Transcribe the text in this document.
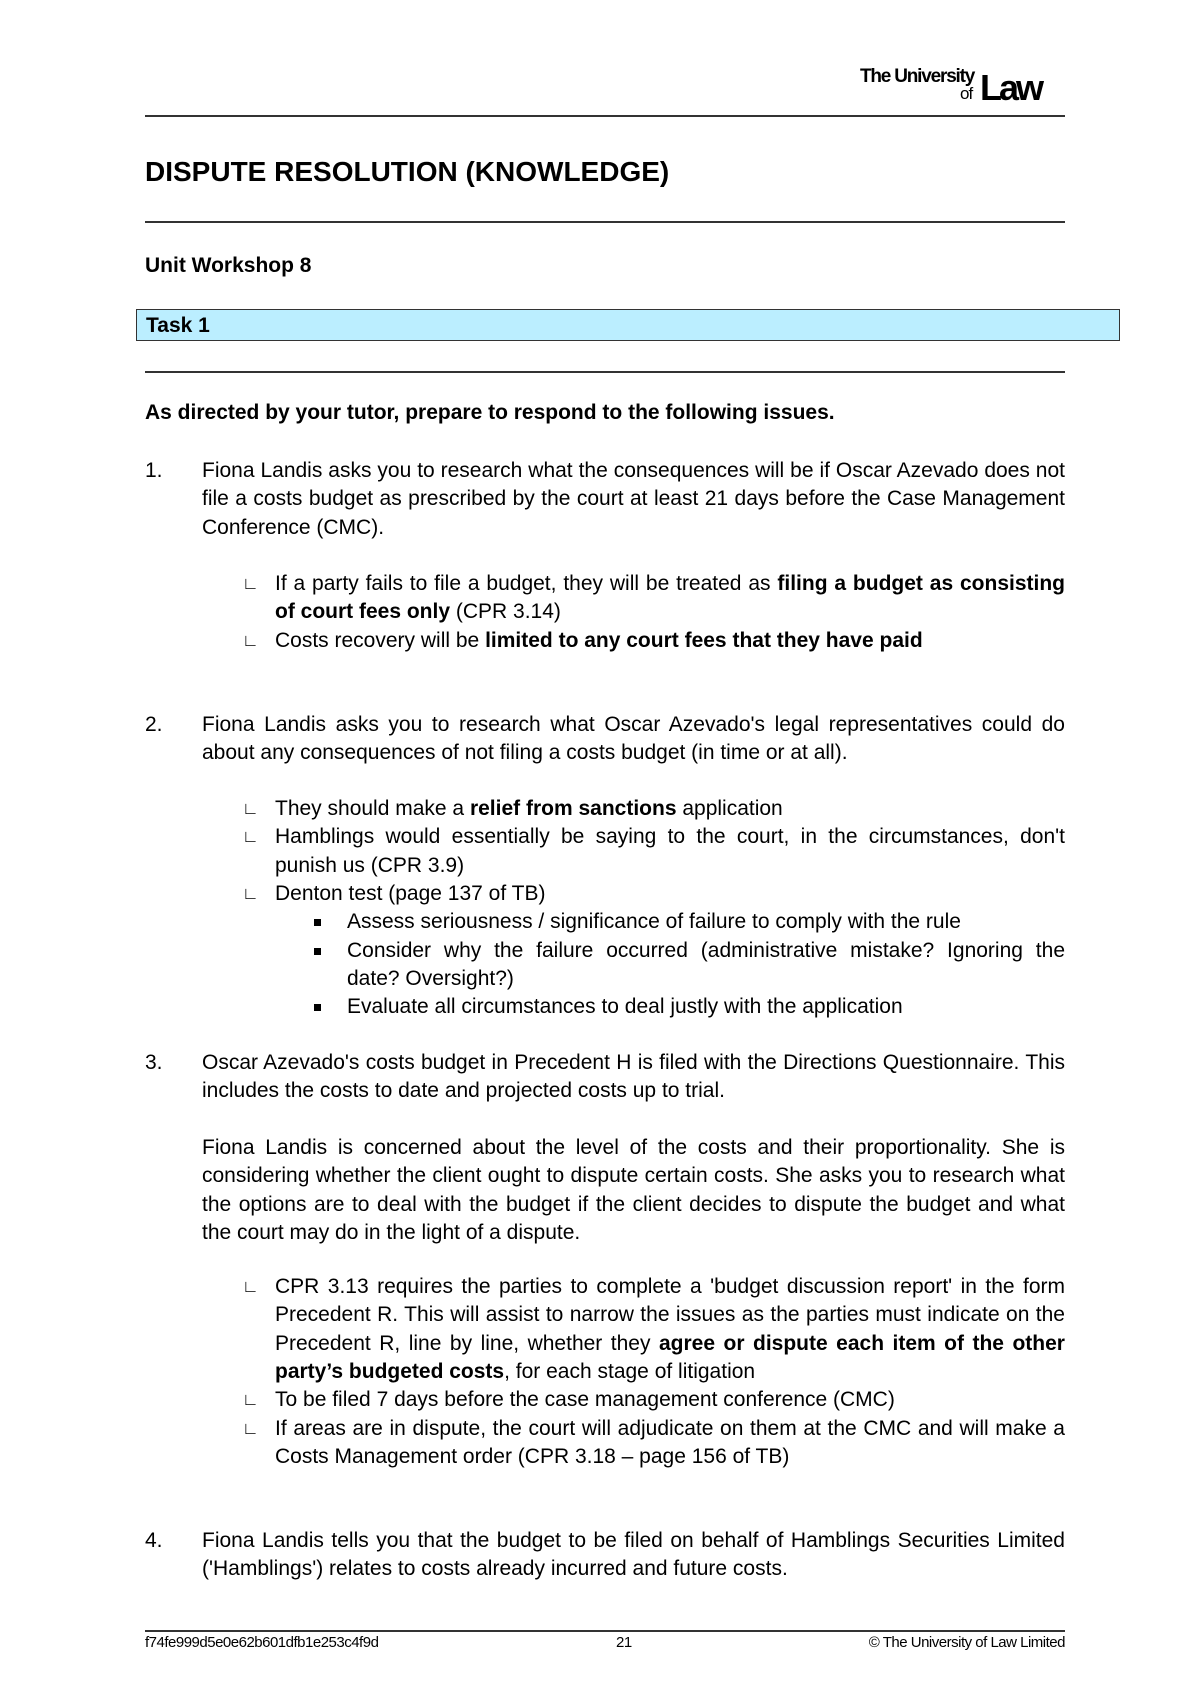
The University
of Law
DISPUTE RESOLUTION (KNOWLEDGE)
Unit Workshop 8
Task 1
As directed by your tutor, prepare to respond to the following issues.
1. Fiona Landis asks you to research what the consequences will be if Oscar Azevado does not file a costs budget as prescribed by the court at least 21 days before the Case Management Conference (CMC).

∟ If a party fails to file a budget, they will be treated as filing a budget as consisting of court fees only (CPR 3.14)
∟ Costs recovery will be limited to any court fees that they have paid
2. Fiona Landis asks you to research what Oscar Azevado's legal representatives could do about any consequences of not filing a costs budget (in time or at all).

∟ They should make a relief from sanctions application
∟ Hamblings would essentially be saying to the court, in the circumstances, don't punish us (CPR 3.9)
∟ Denton test (page 137 of TB)
Assess seriousness / significance of failure to comply with the rule
Consider why the failure occurred (administrative mistake? Ignoring the date? Oversight?)
Evaluate all circumstances to deal justly with the application
3. Oscar Azevado's costs budget in Precedent H is filed with the Directions Questionnaire. This includes the costs to date and projected costs up to trial.

Fiona Landis is concerned about the level of the costs and their proportionality. She is considering whether the client ought to dispute certain costs. She asks you to research what the options are to deal with the budget if the client decides to dispute the budget and what the court may do in the light of a dispute.

∟ CPR 3.13 requires the parties to complete a 'budget discussion report' in the form Precedent R. This will assist to narrow the issues as the parties must indicate on the Precedent R, line by line, whether they agree or dispute each item of the other party’s budgeted costs, for each stage of litigation
∟ To be filed 7 days before the case management conference (CMC)
∟ If areas are in dispute, the court will adjudicate on them at the CMC and will make a Costs Management order (CPR 3.18 – page 156 of TB)
4. Fiona Landis tells you that the budget to be filed on behalf of Hamblings Securities Limited ('Hamblings') relates to costs already incurred and future costs.

f74fe999d5e0e62b601dfb1e253c4f9d	21	© The University of Law Limited
